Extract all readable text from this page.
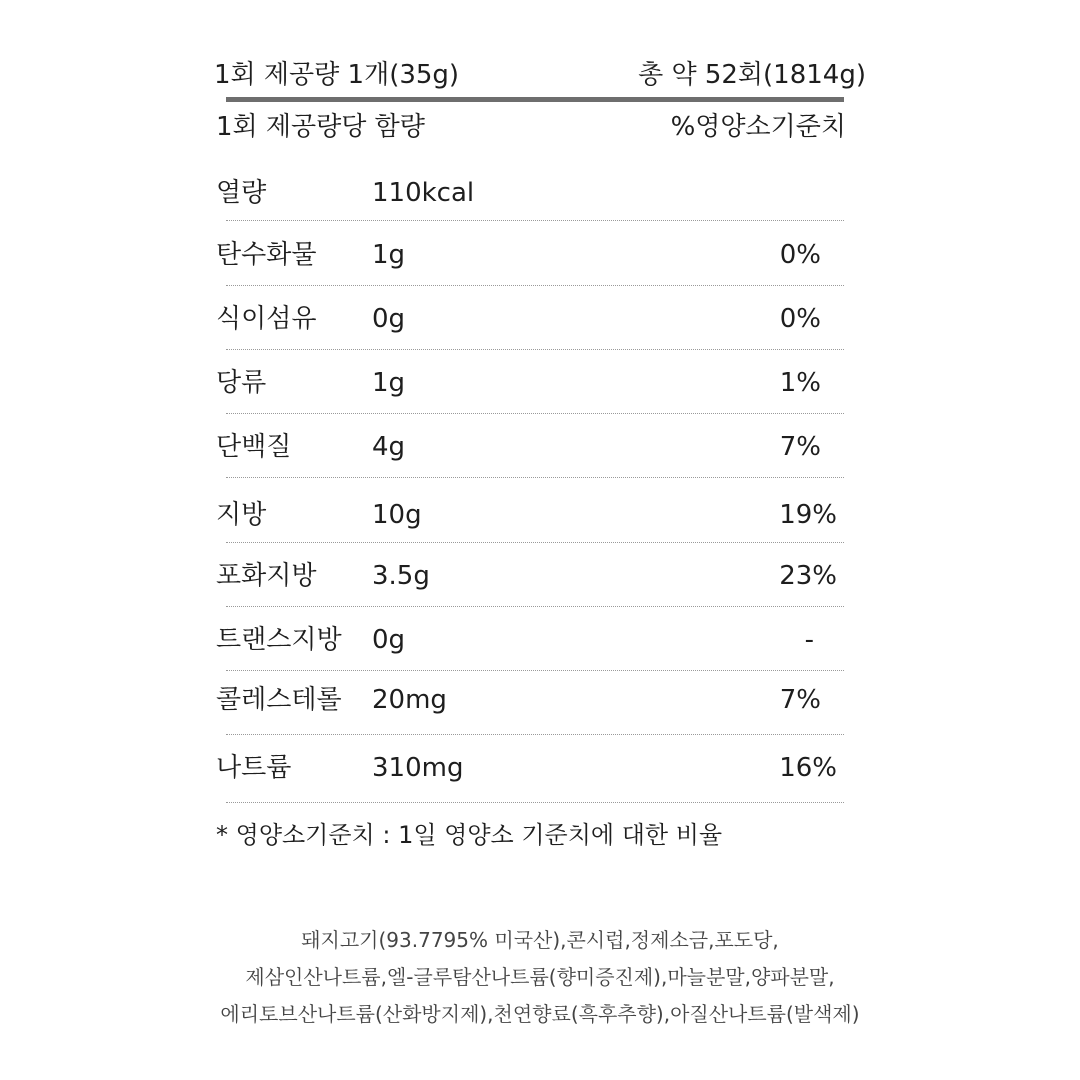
1회 제공량 1개(35g)	총 약 52회(1814g)
1회 제공량당 함량	%영양소기준치
열량	110kcal
탄수화물 1g	0%
식이섬유 0g	0%
당류	1g	1%
단백질	4g	7%
지방	10g	19%
포화지방 3.5g	23%
트랜스지방 0g	-
콜레스테롤 20mg	7%
나트륨	310mg	16%
* 영양소기준치 : 1일 영양소 기준치에 대한 비율
돼지고기(93.7795% 미국산),콘시럽,정제소금,포도당,
제삼인산나트륨,엘-글루탐산나트륨(향미증진제),마늘분말,양파분말,
에리토브산나트륨(산화방지제),천연향료(흑후추향),아질산나트륨(발색제)
